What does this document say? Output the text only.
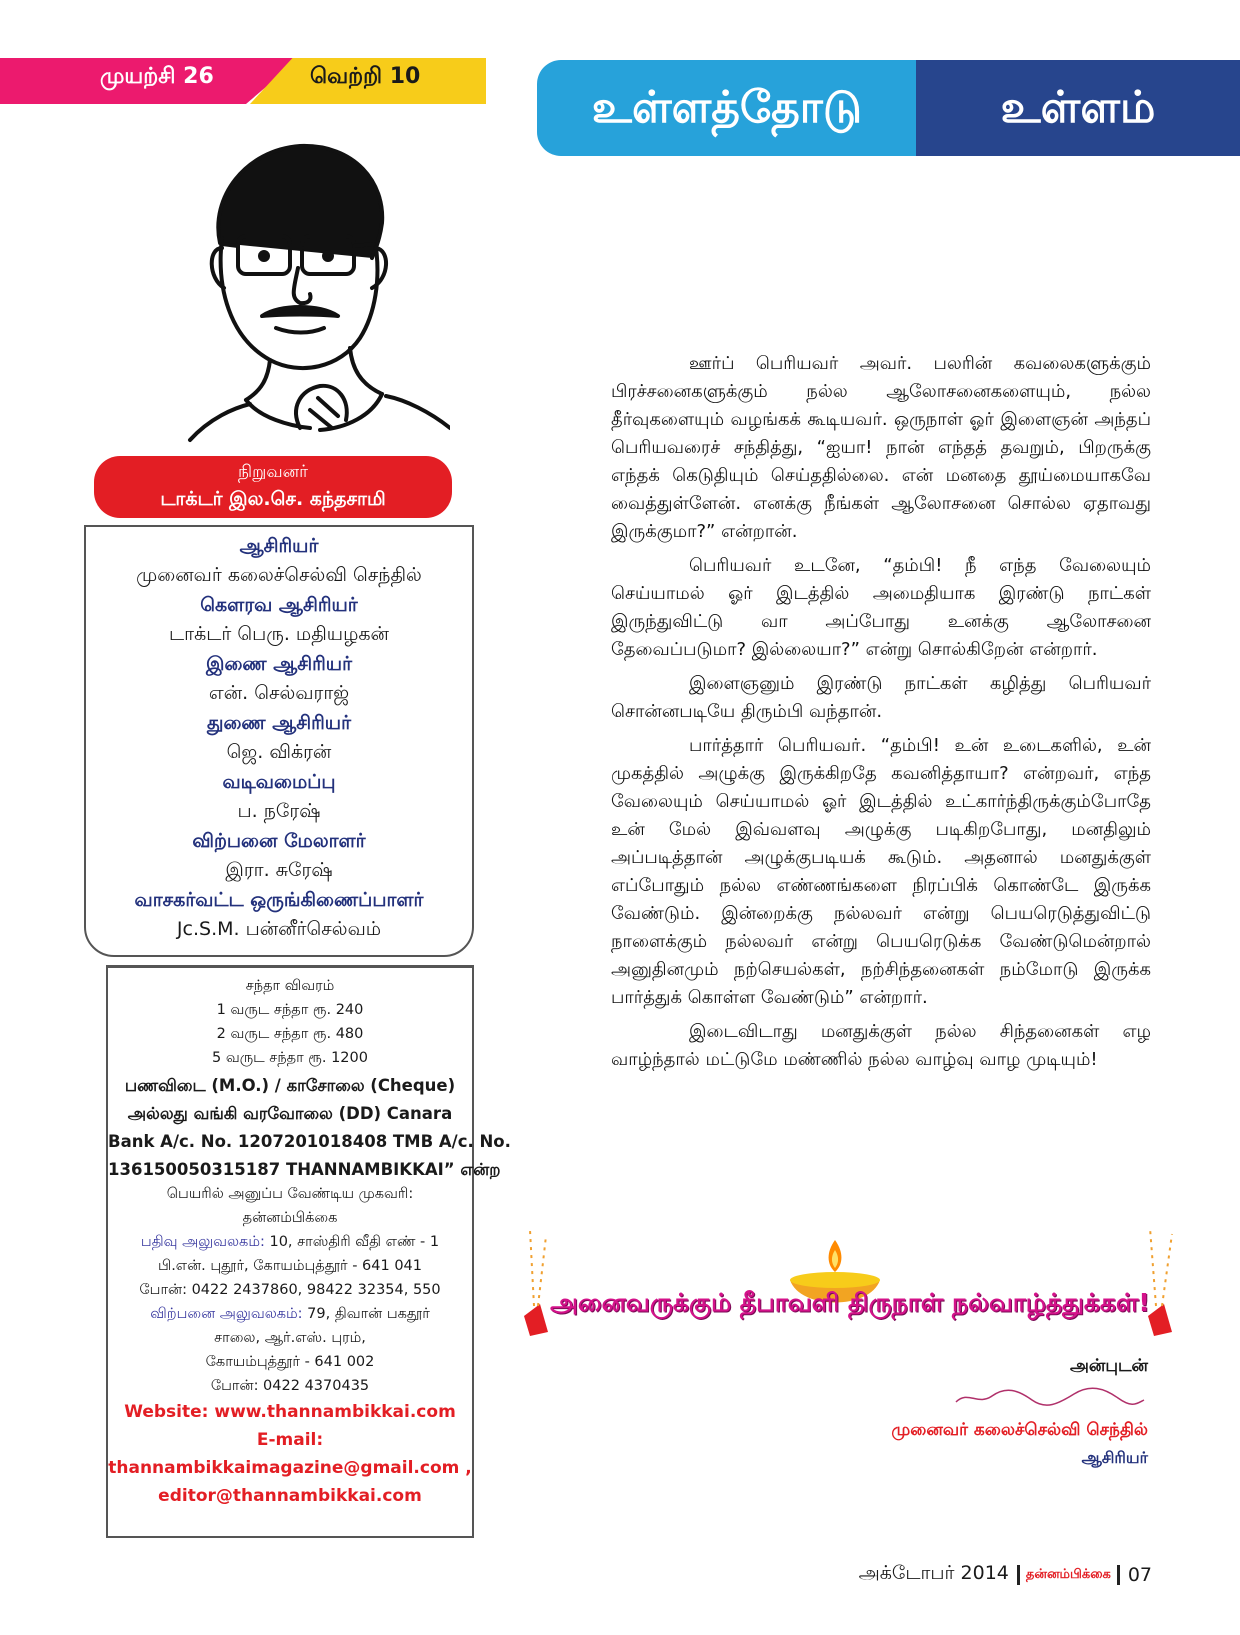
முயற்சி 26	வெற்றி 10
உள்ளத்தோடு	உள்ளம்
நிறுவனர்
டாக்டர் இல.செ. கந்தசாமி
ஆசிரியர்
முனைவர் கலைச்செல்வி செந்தில்
கௌரவ ஆசிரியர்
டாக்டர் பெரு. மதியழகன்
இணை ஆசிரியர்
என். செல்வராஜ்
துணை ஆசிரியர்
ஜெ. விக்ரன்
வடிவமைப்பு
ப. நரேஷ்
விற்பனை மேலாளர்
இரா. சுரேஷ்
வாசகர்வட்ட ஒருங்கிணைப்பாளர்
Jc.S.M. பன்னீர்செல்வம்
சந்தா விவரம்
1 வருட சந்தா ரூ. 240
2 வருட சந்தா ரூ. 480
5 வருட சந்தா ரூ. 1200
பணவிடை (M.O.) / காசோலை (Cheque)
அல்லது வங்கி வரவோலை (DD) Canara
Bank A/c. No. 1207201018408 TMB A/c. No.
136150050315187 THANNAMBIKKAI” என்ற
பெயரில் அனுப்ப வேண்டிய முகவரி:
தன்னம்பிக்கை
பதிவு அலுவலகம்: 10, சாஸ்திரி வீதி எண் - 1
பி.என். புதூர், கோயம்புத்தூர் - 641 041
போன்: 0422 2437860, 98422 32354, 550
விற்பனை அலுவலகம்: 79, திவான் பகதூர்
சாலை, ஆர்.எஸ். புரம்,
கோயம்புத்தூர் - 641 002
போன்: 0422 4370435
Website: www.thannambikkai.com
E-mail:
thannambikkaimagazine@gmail.com ,
editor@thannambikkai.com

ஊர்ப் பெரியவர் அவர். பலரின் கவலைகளுக்கும் பிரச்சனைகளுக்கும் நல்ல ஆலோசனைகளையும், நல்ல தீர்வுகளையும் வழங்கக் கூடியவர். ஒருநாள் ஓர் இளைஞன் அந்தப் பெரியவரைச் சந்தித்து, “ஐயா! நான் எந்தத் தவறும், பிறருக்கு எந்தக் கெடுதியும் செய்ததில்லை. என் மனதை தூய்மையாகவே வைத்துள்ளேன். எனக்கு நீங்கள் ஆலோசனை சொல்ல ஏதாவது இருக்குமா?” என்றான்.

பெரியவர் உடனே, “தம்பி! நீ எந்த வேலையும் செய்யாமல் ஓர் இடத்தில் அமைதியாக இரண்டு நாட்கள் இருந்துவிட்டு வா அப்போது உனக்கு ஆலோசனை தேவைப்படுமா? இல்லையா?” என்று சொல்கிறேன் என்றார்.

இளைஞனும் இரண்டு நாட்கள் கழித்து பெரியவர் சொன்னபடியே திரும்பி வந்தான்.

பார்த்தார் பெரியவர். “தம்பி! உன் உடைகளில், உன் முகத்தில் அழுக்கு இருக்கிறதே கவனித்தாயா? என்றவர், எந்த வேலையும் செய்யாமல் ஓர் இடத்தில் உட்கார்ந்திருக்கும்போதே உன் மேல் இவ்வளவு அழுக்கு படிகிறபோது, மனதிலும் அப்படித்தான் அழுக்குபடியக் கூடும். அதனால் மனதுக்குள் எப்போதும் நல்ல எண்ணங்களை நிரப்பிக் கொண்டே இருக்க வேண்டும். இன்றைக்கு நல்லவர் என்று பெயரெடுத்துவிட்டு நாளைக்கும் நல்லவர் என்று பெயரெடுக்க வேண்டுமென்றால் அனுதினமும் நற்செயல்கள், நற்சிந்தனைகள் நம்மோடு இருக்க பார்த்துக் கொள்ள வேண்டும்” என்றார்.

இடைவிடாது மனதுக்குள் நல்ல சிந்தனைகள் எழ வாழ்ந்தால் மட்டுமே மண்ணில் நல்ல வாழ்வு வாழ முடியும்!

அனைவருக்கும் தீபாவளி திருநாள் நல்வாழ்த்துக்கள்!
அன்புடன்
முனைவர் கலைச்செல்வி செந்தில்
ஆசிரியர்
அக்டோபர் 2014	தன்னம்பிக்கை 07
